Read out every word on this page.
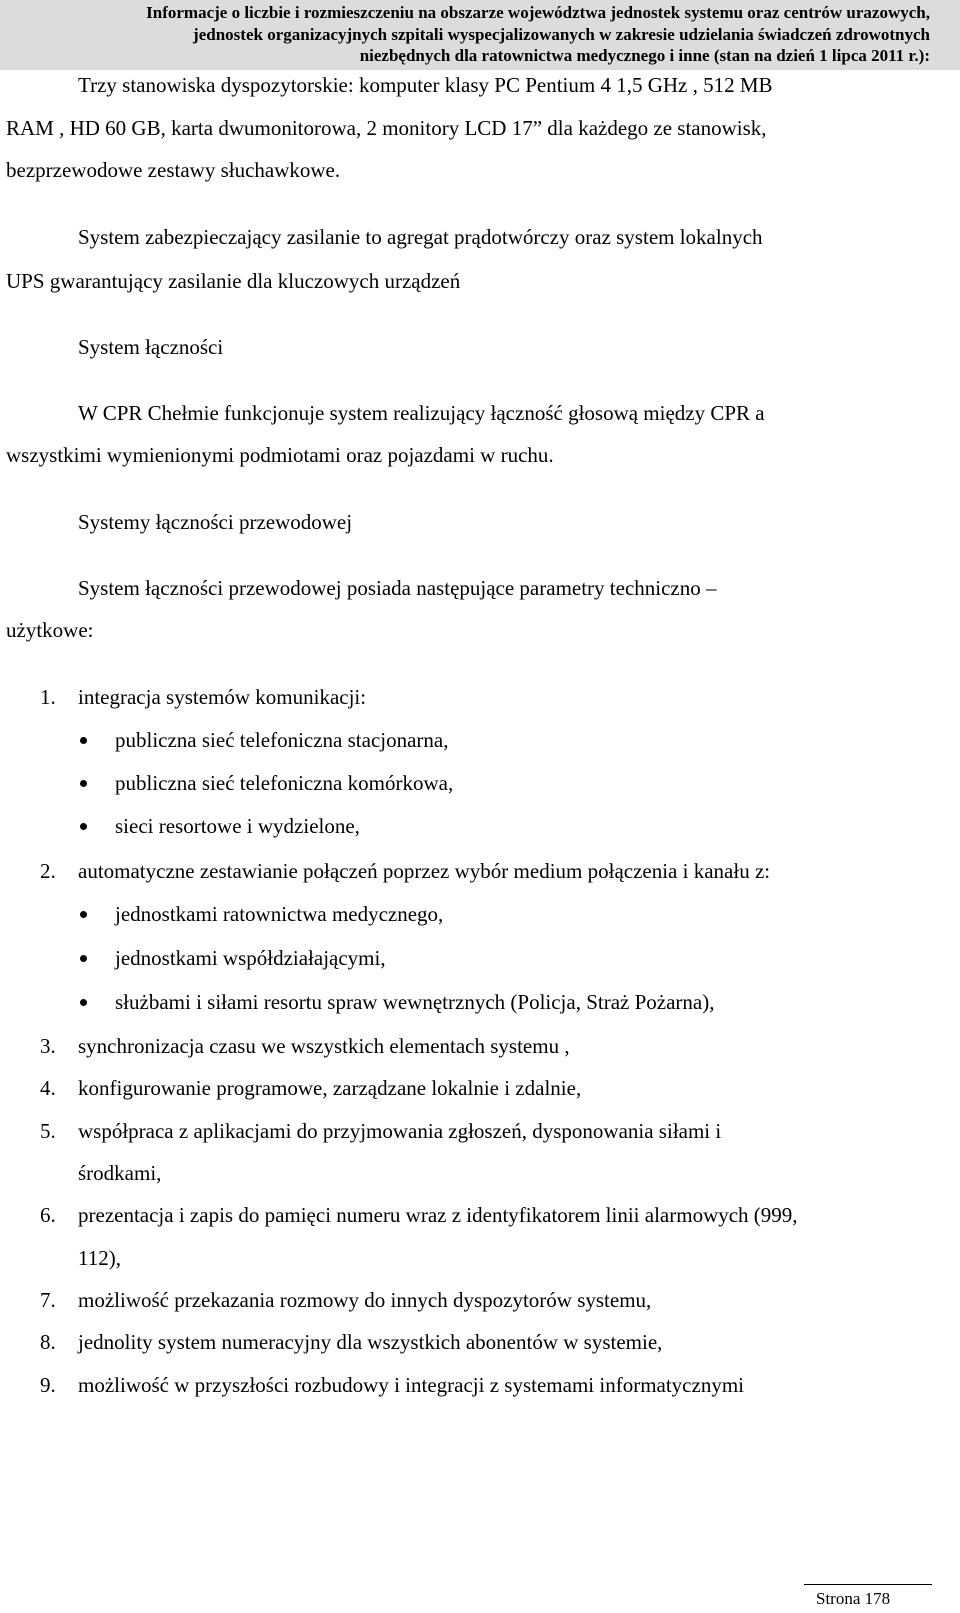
Informacje o liczbie i rozmieszczeniu na obszarze województwa jednostek systemu oraz centrów urazowych,
jednostek organizacyjnych szpitali wyspecjalizowanych w zakresie udzielania świadczeń zdrowotnych
niezbędnych dla ratownictwa medycznego i inne (stan na dzień 1 lipca 2011 r.):
Trzy stanowiska dyspozytorskie: komputer klasy PC Pentium 4 1,5 GHz , 512 MB
RAM , HD 60 GB, karta dwumonitorowa, 2 monitory LCD 17” dla każdego ze stanowisk,
bezprzewodowe zestawy słuchawkowe.
System zabezpieczający zasilanie to agregat prądotwórczy oraz system lokalnych
UPS gwarantujący zasilanie dla kluczowych urządzeń
System łączności
W CPR Chełmie funkcjonuje system realizujący łączność głosową między CPR a
wszystkimi wymienionymi podmiotami oraz pojazdami w ruchu.
Systemy łączności przewodowej
System łączności przewodowej posiada następujące parametry techniczno –
użytkowe:
1. integracja systemów komunikacji:
publiczna sieć telefoniczna stacjonarna,
publiczna sieć telefoniczna komórkowa,
sieci resortowe i wydzielone,
2. automatyczne zestawianie połączeń poprzez wybór medium połączenia i kanału z:
jednostkami ratownictwa medycznego,
jednostkami współdziałającymi,
służbami i siłami resortu spraw wewnętrznych (Policja, Straż Pożarna),
3. synchronizacja czasu we wszystkich elementach systemu ,
4. konfigurowanie programowe, zarządzane lokalnie i zdalnie,
5. współpraca z aplikacjami do przyjmowania zgłoszeń, dysponowania siłami i
środkami,
6. prezentacja i zapis do pamięci numeru wraz z identyfikatorem linii alarmowych (999,
112),
7. możliwość przekazania rozmowy do innych dyspozytorów systemu,
8. jednolity system numeracyjny dla wszystkich abonentów w systemie,
9. możliwość w przyszłości rozbudowy i integracji z systemami informatycznymi
Strona 178
